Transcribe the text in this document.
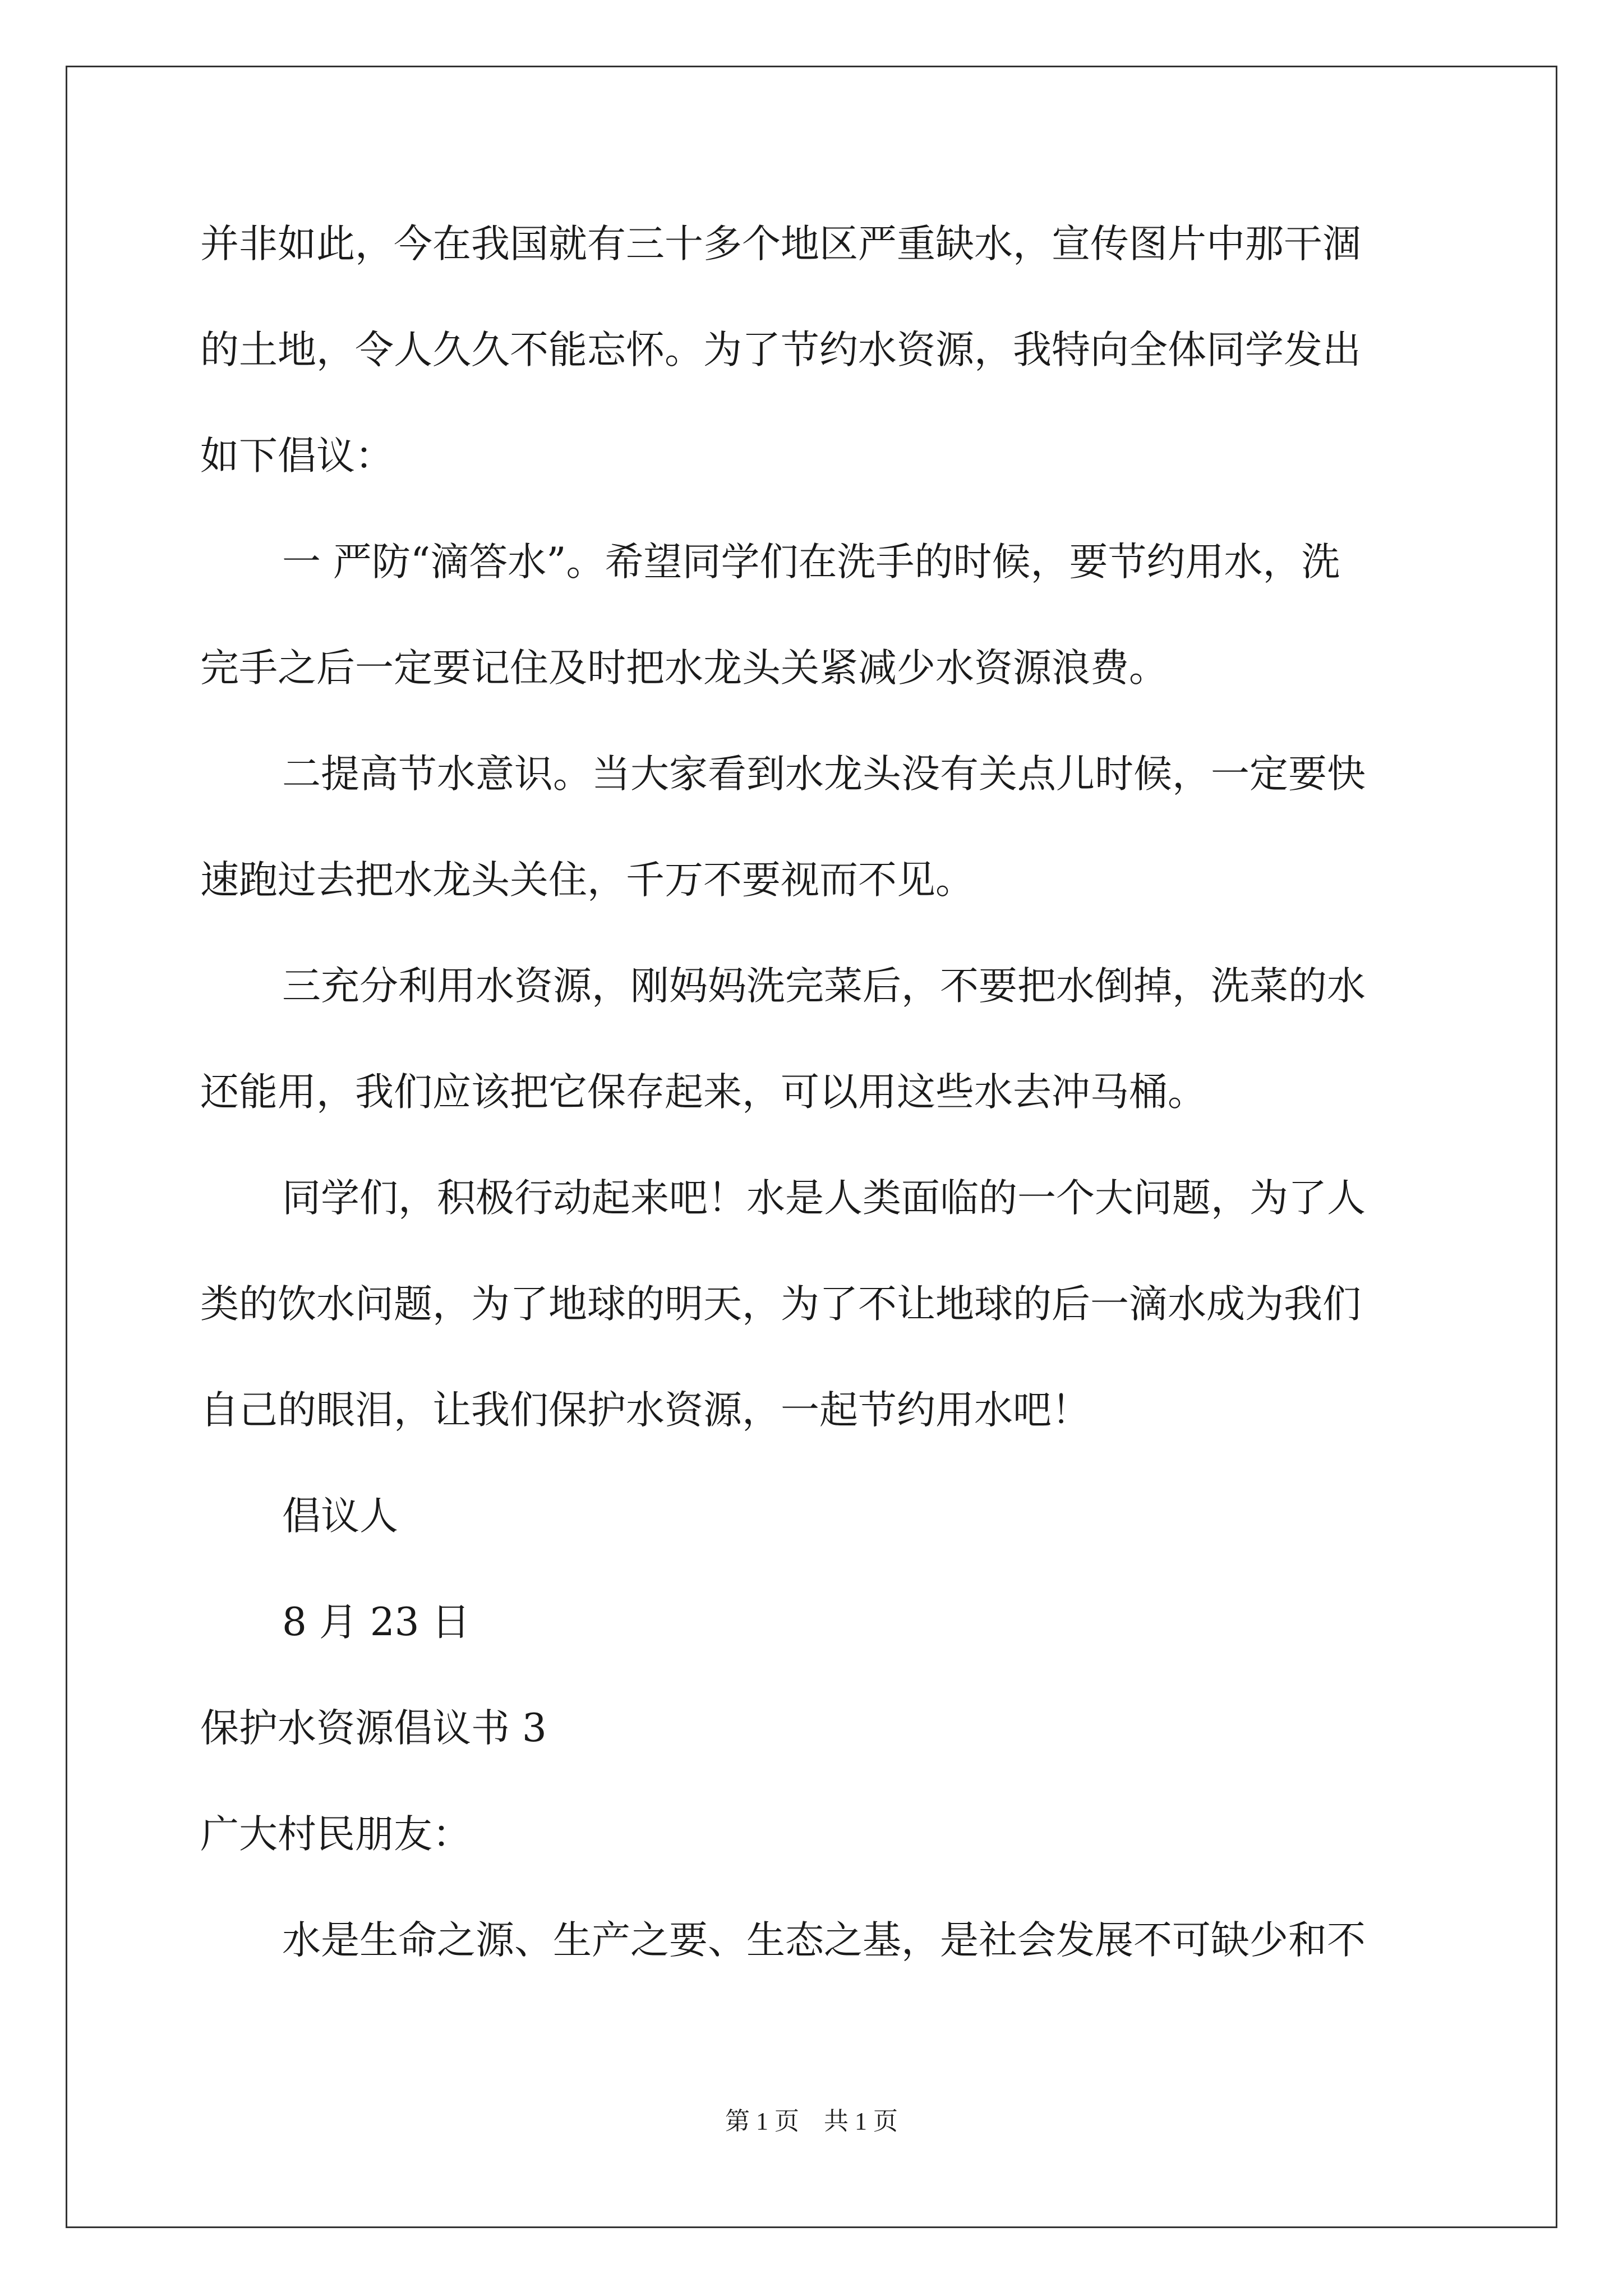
并非如此，今在我国就有三十多个地区严重缺水，宣传图片中那干涸
的土地，令人久久不能忘怀。为了节约水资源，我特向全体同学发出
如下倡议：
一 严防“滴答水”。希望同学们在洗手的时候，要节约用水，洗
完手之后一定要记住及时把水龙头关紧减少水资源浪费。
二提高节水意识。当大家看到水龙头没有关点儿时候，一定要快
速跑过去把水龙头关住，千万不要视而不见。
三充分利用水资源，刚妈妈洗完菜后，不要把水倒掉，洗菜的水
还能用，我们应该把它保存起来，可以用这些水去冲马桶。
同学们，积极行动起来吧！水是人类面临的一个大问题，为了人
类的饮水问题，为了地球的明天，为了不让地球的后一滴水成为我们
自己的眼泪，让我们保护水资源，一起节约用水吧！
倡议人
8 月 23 日
保护水资源倡议书 3
广大村民朋友：
水是生命之源、生产之要、生态之基，是社会发展不可缺少和不
第 1 页    共 1 页
